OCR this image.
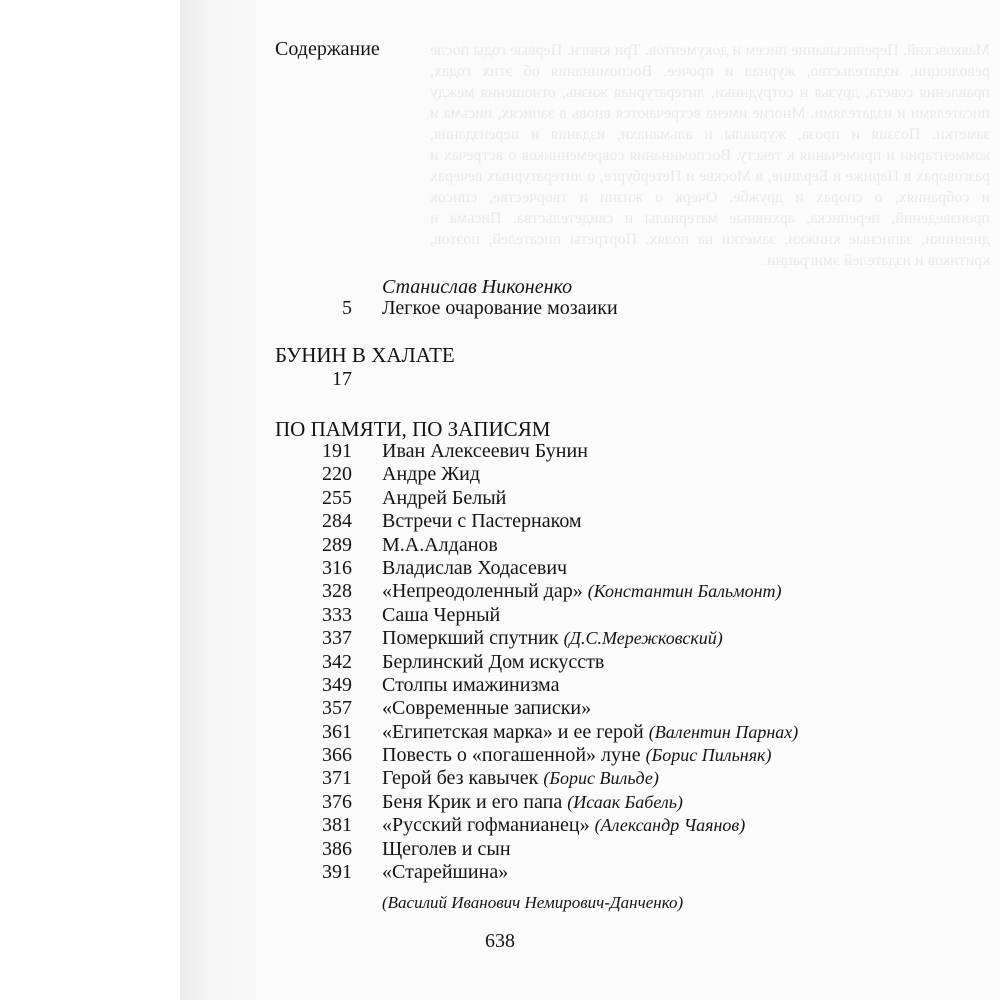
Маяковский. Переписывание писем и документов. Три книги. Первые годы после революции, издательство, журнал и прочее. Воспоминания об этих годах, правления совета, друзья и сотрудники, литературная жизнь, отношения между писателями и издателями. Многие имена встречаются вновь в записях, письма и заметки. Поэзия и проза, журналы и альманахи, издания и переиздания, комментарии и примечания к тексту. Воспоминания современников о встречах и разговорах в Париже и Берлине, в Москве и Петербурге, о литературных вечерах и собраниях, о спорах и дружбе. Очерк о жизни и творчестве, список произведений, переписка, архивные материалы и свидетельства. Письма и дневники, записные книжки, заметки на полях. Портреты писателей, поэтов, критиков и издателей эмиграции.
Содержание
Станислав Никоненко
5 Легкое очарование мозаики
БУНИН В ХАЛАТЕ
17
ПО ПАМЯТИ, ПО ЗАПИСЯМ
191 Иван Алексеевич Бунин
220 Андре Жид
255 Андрей Белый
284 Встречи с Пастернаком
289 М.А.Алданов
316 Владислав Ходасевич
328 «Непреодоленный дар» (Константин Бальмонт)
333 Саша Черный
337 Померкший спутник (Д.С.Мережковский)
342 Берлинский Дом искусств
349 Столпы имажинизма
357 «Современные записки»
361 «Египетская марка» и ее герой (Валентин Парнах)
366 Повесть о «погашенной» луне (Борис Пильняк)
371 Герой без кавычек (Борис Вильде)
376 Беня Крик и его папа (Исаак Бабель)
381 «Русский гофманианец» (Александр Чаянов)
386 Щеголев и сын
391 «Старейшина»
(Василий Иванович Немирович-Данченко)
638
